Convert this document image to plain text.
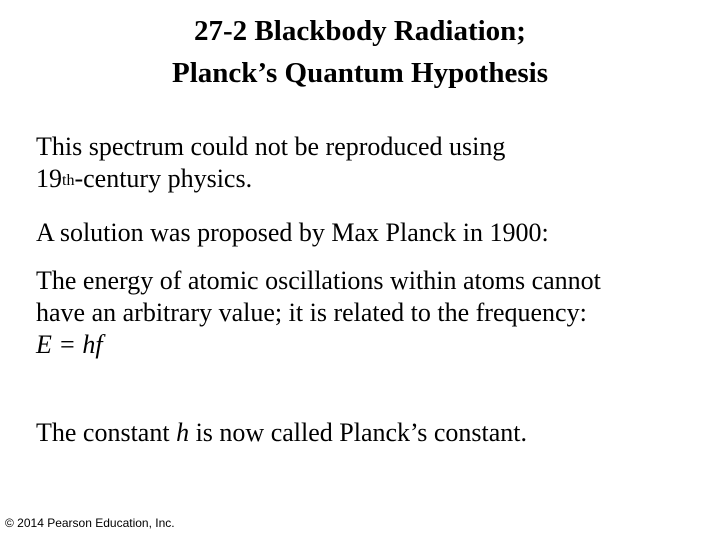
27-2 Blackbody Radiation;
Planck’s Quantum Hypothesis

This spectrum could not be reproduced using
19th-century physics.

A solution was proposed by Max Planck in 1900:

The energy of atomic oscillations within atoms cannot
have an arbitrary value; it is related to the frequency:
E = hf

The constant h is now called Planck’s constant.

© 2014 Pearson Education, Inc.
